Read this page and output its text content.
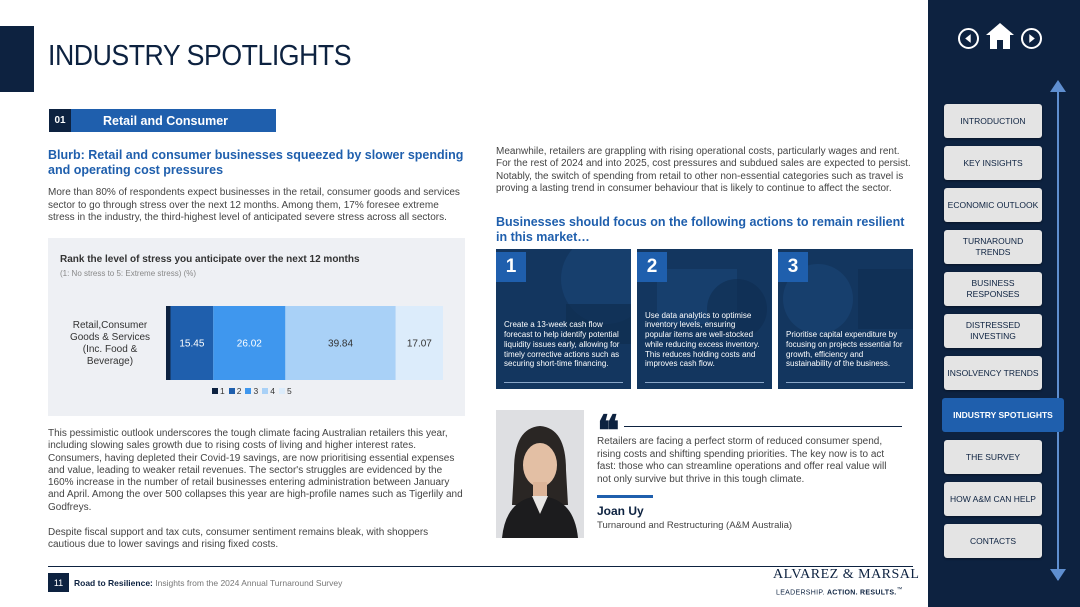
INDUSTRY SPOTLIGHTS
01	Retail and Consumer
Blurb: Retail and consumer businesses squeezed by slower spending and operating cost pressures
More than 80% of respondents expect businesses in the retail, consumer goods and services sector to go through stress over the next 12 months. Among them, 17% foresee extreme stress in the industry, the third-highest level of anticipated severe stress across all sectors.
Rank the level of stress you anticipate over the next 12 months
(1: No stress to 5: Extreme stress) (%)
Retail,Consumer Goods & Services (Inc. Food & Beverage)
15.45	26.02	39.84	17.07
1 2 3 4 5
This pessimistic outlook underscores the tough climate facing Australian retailers this year, including slowing sales growth due to rising costs of living and higher interest rates. Consumers, having depleted their Covid-19 savings, are now prioritising essential expenses and value, leading to weaker retail revenues. The sector's struggles are evidenced by the 160% increase in the number of retail businesses entering administration between January and April. Among the over 500 collapses this year are high-profile names such as Tigerlily and Godfreys.
Despite fiscal support and tax cuts, consumer sentiment remains bleak, with shoppers cautious due to lower savings and rising fixed costs.
Meanwhile, retailers are grappling with rising operational costs, particularly wages and rent. For the rest of 2024 and into 2025, cost pressures and subdued sales are expected to persist. Notably, the switch of spending from retail to other non-essential categories such as travel is proving a lasting trend in consumer behaviour that is likely to continue to affect the sector.
Businesses should focus on the following actions to remain resilient in this market…
1
Create a 13-week cash flow forecast to help identify potential liquidity issues early, allowing for timely corrective actions such as securing short-time financing.
2
Use data analytics to optimise inventory levels, ensuring popular items are well-stocked while reducing excess inventory. This reduces holding costs and improves cash flow.
3
Prioritise capital expenditure by focusing on projects essential for growth, efficiency and sustainability of the business.
❝
Retailers are facing a perfect storm of reduced consumer spend, rising costs and shifting spending priorities. The key now is to act fast: those who can streamline operations and offer real value will not only survive but thrive in this tough climate.
Joan Uy
Turnaround and Restructuring (A&M Australia)
11	Road to Resilience: Insights from the 2024 Annual Turnaround Survey
ALVAREZ & MARSAL
LEADERSHIP. ACTION. RESULTS.™
INTRODUCTION
KEY INSIGHTS
ECONOMIC OUTLOOK
TURNAROUND TRENDS
BUSINESS RESPONSES
DISTRESSED INVESTING
INSOLVENCY TRENDS
INDUSTRY SPOTLIGHTS
THE SURVEY
HOW A&M CAN HELP
CONTACTS
